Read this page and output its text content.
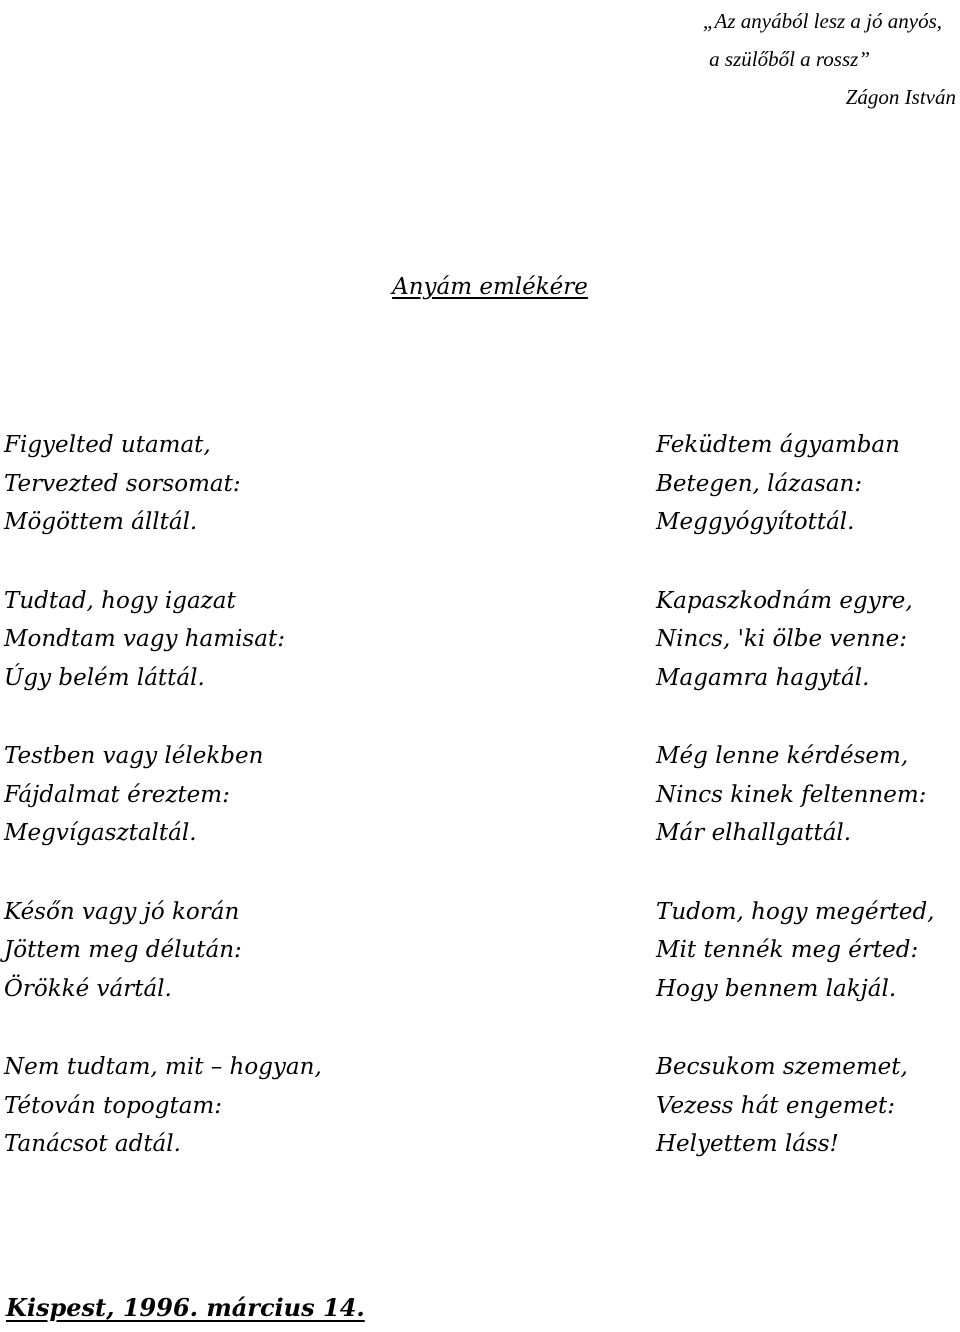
„Az anyából lesz a jó anyós,
a szülőből a rossz”
Zágon István
Anyám emlékére
Figyelted utamat,
Tervezted sorsomat:
Mögöttem álltál.
Tudtad, hogy igazat
Mondtam vagy hamisat:
Úgy belém láttál.
Testben vagy lélekben
Fájdalmat éreztem:
Megvígasztaltál.
Későn vagy jó korán
Jöttem meg délután:
Örökké vártál.
Nem tudtam, mit – hogyan,
Tétován topogtam:
Tanácsot adtál.
Feküdtem ágyamban
Betegen, lázasan:
Meggyógyítottál.
Kapaszkodnám egyre,
Nincs, 'ki ölbe venne:
Magamra hagytál.
Még lenne kérdésem,
Nincs kinek feltennem:
Már elhallgattál.
Tudom, hogy megérted,
Mit tennék meg érted:
Hogy bennem lakjál.
Becsukom szememet,
Vezess hát engemet:
Helyettem láss!
Kispest, 1996. március 14.
